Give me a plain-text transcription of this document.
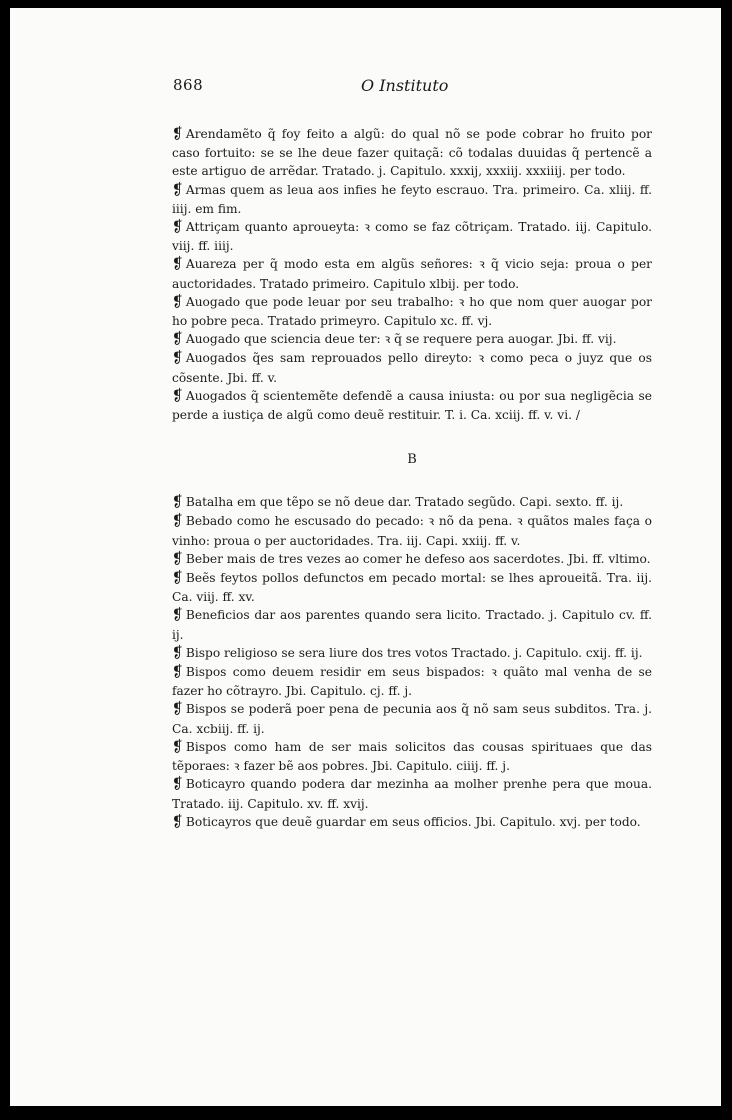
868	O Instituto

❡ Arendamẽto q̃ foy feito a algũ: do qual nõ se pode cobrar ho fruito por caso fortuito: se se lhe deue fazer quitaçã: cõ todalas duuidas q̃ pertencẽ a este artiguo de arrẽdar. Tratado. j. Capitulo. xxxij, xxxiij. xxxiiij. per todo.

❡ Armas quem as leua aos infies he feyto escrauo. Tra. primeiro. Ca. xliij. ff. iiij. em fim.

❡ Attriçam quanto aproueyta: ꝛ como se faz cõtriçam. Tratado. iij. Capitulo. viij. ff. iiij.

❡ Auareza per q̃ modo esta em algũs señores: ꝛ q̃ vicio seja: proua o per auctoridades. Tratado primeiro. Capitulo xlbij. per todo.

❡ Auogado que pode leuar por seu trabalho: ꝛ ho que nom quer auogar por ho pobre peca. Tratado primeyro. Capitulo xc. ff. vj.

❡ Auogado que sciencia deue ter: ꝛ q̃ se requere pera auogar. Jbi. ff. vij.

❡ Auogados q̃es sam reprouados pello direyto: ꝛ como peca o juyz que os cõsente. Jbi. ff. v.

❡ Auogados q̃ scientemẽte defendẽ a causa iniusta: ou por sua negligẽcia se perde a iustiça de algũ como deuẽ restituir. T. i. Ca. xciij. ff. v. vi. /

B

❡ Batalha em que tẽpo se nõ deue dar. Tratado segũdo. Capi. sexto. ff. ij.

❡ Bebado como he escusado do pecado: ꝛ nõ da pena. ꝛ quãtos males faça o vinho: proua o per auctoridades. Tra. iij. Capi. xxiij. ff. v.

❡ Beber mais de tres vezes ao comer he defeso aos sacerdotes. Jbi. ff. vltimo.

❡ Beẽs feytos pollos defunctos em pecado mortal: se lhes aproueitã. Tra. iij. Ca. viij. ff. xv.

❡ Beneficios dar aos parentes quando sera licito. Tractado. j. Capitulo cv. ff. ij.

❡ Bispo religioso se sera liure dos tres votos Tractado. j. Capitulo. cxij. ff. ij.

❡ Bispos como deuem residir em seus bispados: ꝛ quãto mal venha de se fazer ho cõtrayro. Jbi. Capitulo. cj. ff. j.

❡ Bispos se poderã poer pena de pecunia aos q̃ nõ sam seus subditos. Tra. j. Ca. xcbiij. ff. ij.

❡ Bispos como ham de ser mais solicitos das cousas spirituaes que das tẽporaes: ꝛ fazer bẽ aos pobres. Jbi. Capitulo. ciiij. ff. j.

❡ Boticayro quando podera dar mezinha aa molher prenhe pera que moua. Tratado. iij. Capitulo. xv. ff. xvij.

❡ Boticayros que deuẽ guardar em seus officios. Jbi. Capitulo. xvj. per todo.
